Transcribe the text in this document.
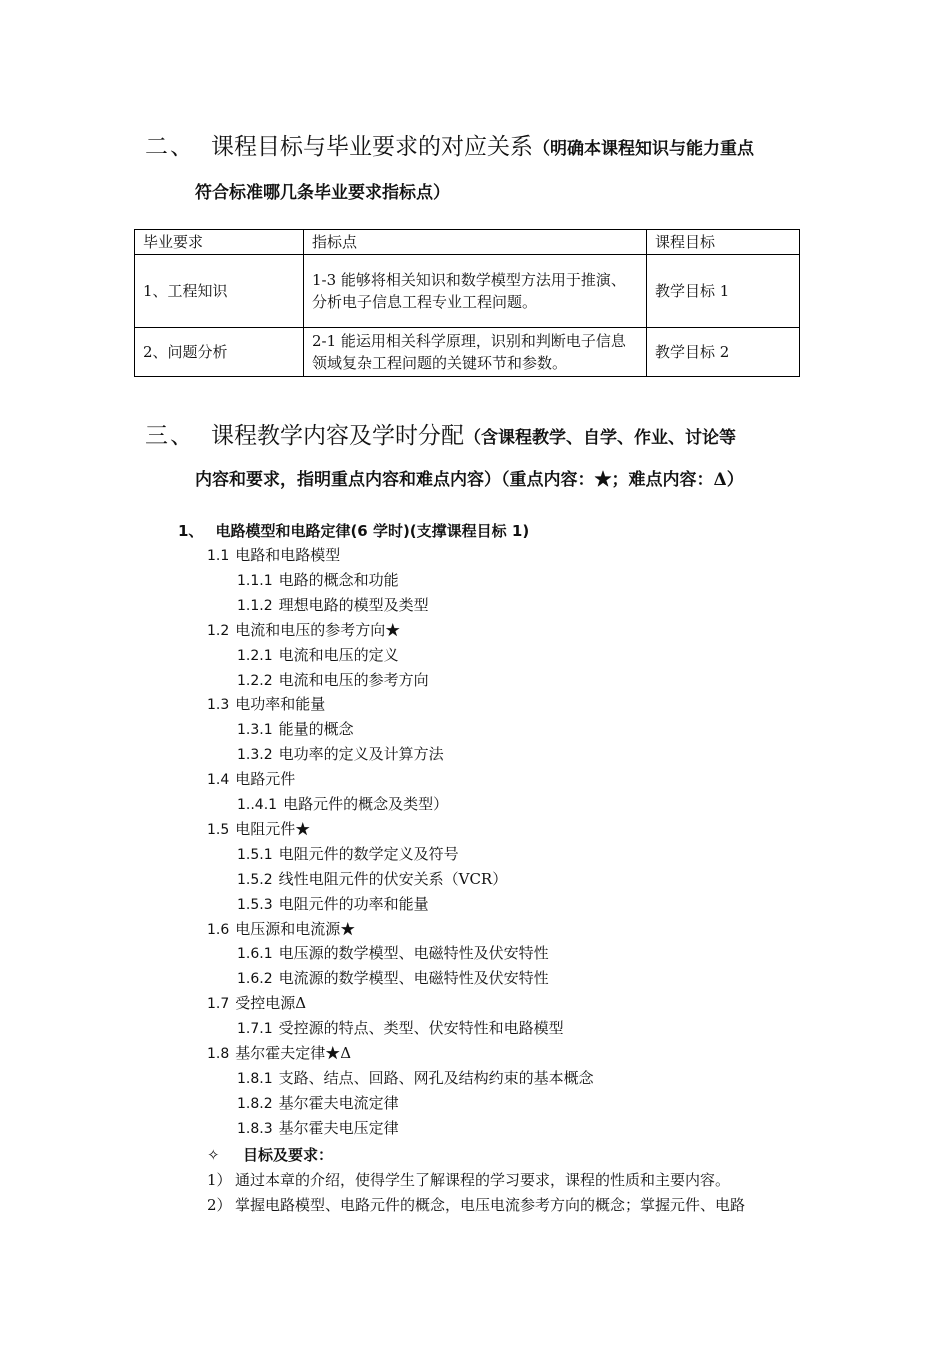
二、 课程目标与毕业要求的对应关系（明确本课程知识与能力重点
符合标准哪几条毕业要求指标点）
毕业要求	指标点	课程目标
1、工程知识	1-3 能够将相关知识和数学模型方法用于推演、分析电子信息工程专业工程问题。	教学目标 1
2、问题分析	2-1 能运用相关科学原理，识别和判断电子信息领域复杂工程问题的关键环节和参数。	教学目标 2
三、 课程教学内容及学时分配（含课程教学、自学、作业、讨论等
内容和要求，指明重点内容和难点内容）（重点内容：★；难点内容：Δ）
1、 电路模型和电路定律(6 学时)(支撑课程目标 1)
1.1 电路和电路模型
1.1.1 电路的概念和功能
1.1.2 理想电路的模型及类型
1.2 电流和电压的参考方向★
1.2.1 电流和电压的定义
1.2.2 电流和电压的参考方向
1.3 电功率和能量
1.3.1 能量的概念
1.3.2 电功率的定义及计算方法
1.4 电路元件
1..4.1 电路元件的概念及类型）
1.5 电阻元件★
1.5.1 电阻元件的数学定义及符号
1.5.2 线性电阻元件的伏安关系（VCR）
1.5.3 电阻元件的功率和能量
1.6 电压源和电流源★
1.6.1 电压源的数学模型、电磁特性及伏安特性
1.6.2 电流源的数学模型、电磁特性及伏安特性
1.7 受控电源Δ
1.7.1 受控源的特点、类型、伏安特性和电路模型
1.8 基尔霍夫定律★Δ
1.8.1 支路、结点、回路、网孔及结构约束的基本概念
1.8.2 基尔霍夫电流定律
1.8.3 基尔霍夫电压定律
✧ 目标及要求：
1） 通过本章的介绍，使得学生了解课程的学习要求，课程的性质和主要内容。
2） 掌握电路模型、电路元件的概念，电压电流参考方向的概念；掌握元件、电路
